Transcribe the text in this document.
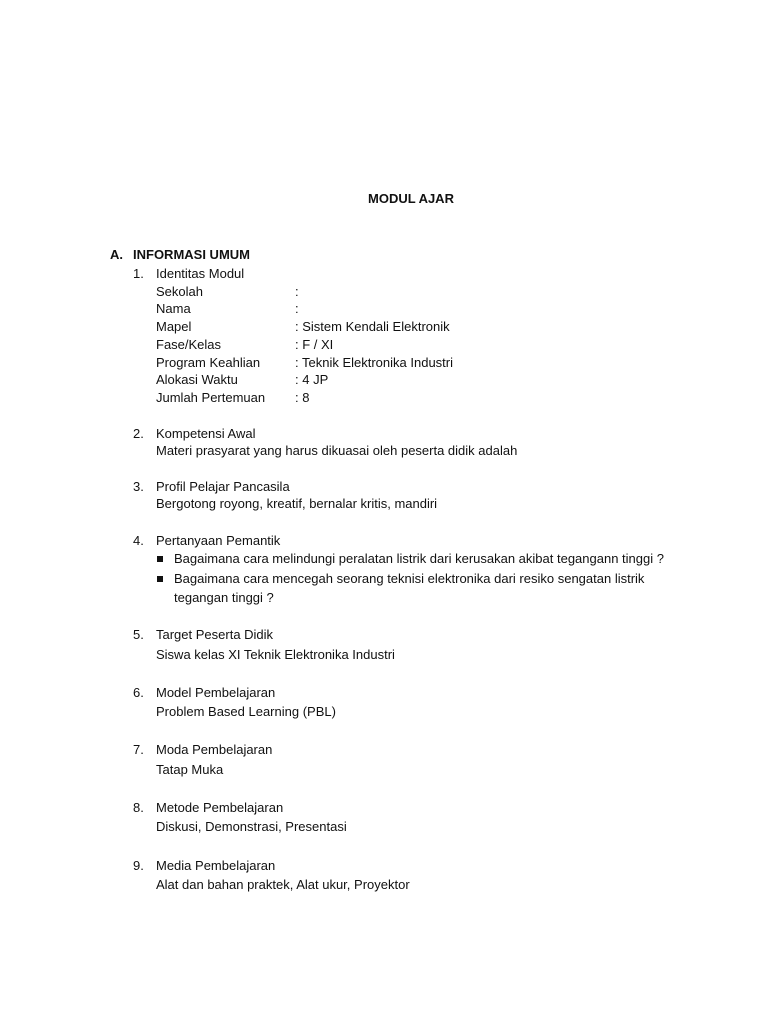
MODUL AJAR
A. INFORMASI UMUM
1. Identitas Modul
Sekolah	:
Nama	:
Mapel	: Sistem Kendali Elektronik
Fase/Kelas	: F / XI
Program Keahlian	: Teknik Elektronika Industri
Alokasi Waktu	: 4 JP
Jumlah Pertemuan : 8
2. Kompetensi Awal
Materi prasyarat yang harus dikuasai oleh peserta didik adalah
3. Profil Pelajar Pancasila
Bergotong royong, kreatif, bernalar kritis, mandiri
4. Pertanyaan Pemantik
Bagaimana cara melindungi peralatan listrik dari kerusakan akibat tegangann tinggi ?
Bagaimana cara mencegah seorang teknisi elektronika dari resiko sengatan listrik
tegangan tinggi ?
5. Target Peserta Didik
Siswa kelas XI Teknik Elektronika Industri
6. Model Pembelajaran
Problem Based Learning (PBL)
7. Moda Pembelajaran
Tatap Muka
8. Metode Pembelajaran
Diskusi, Demonstrasi, Presentasi
9. Media Pembelajaran
Alat dan bahan praktek, Alat ukur, Proyektor
